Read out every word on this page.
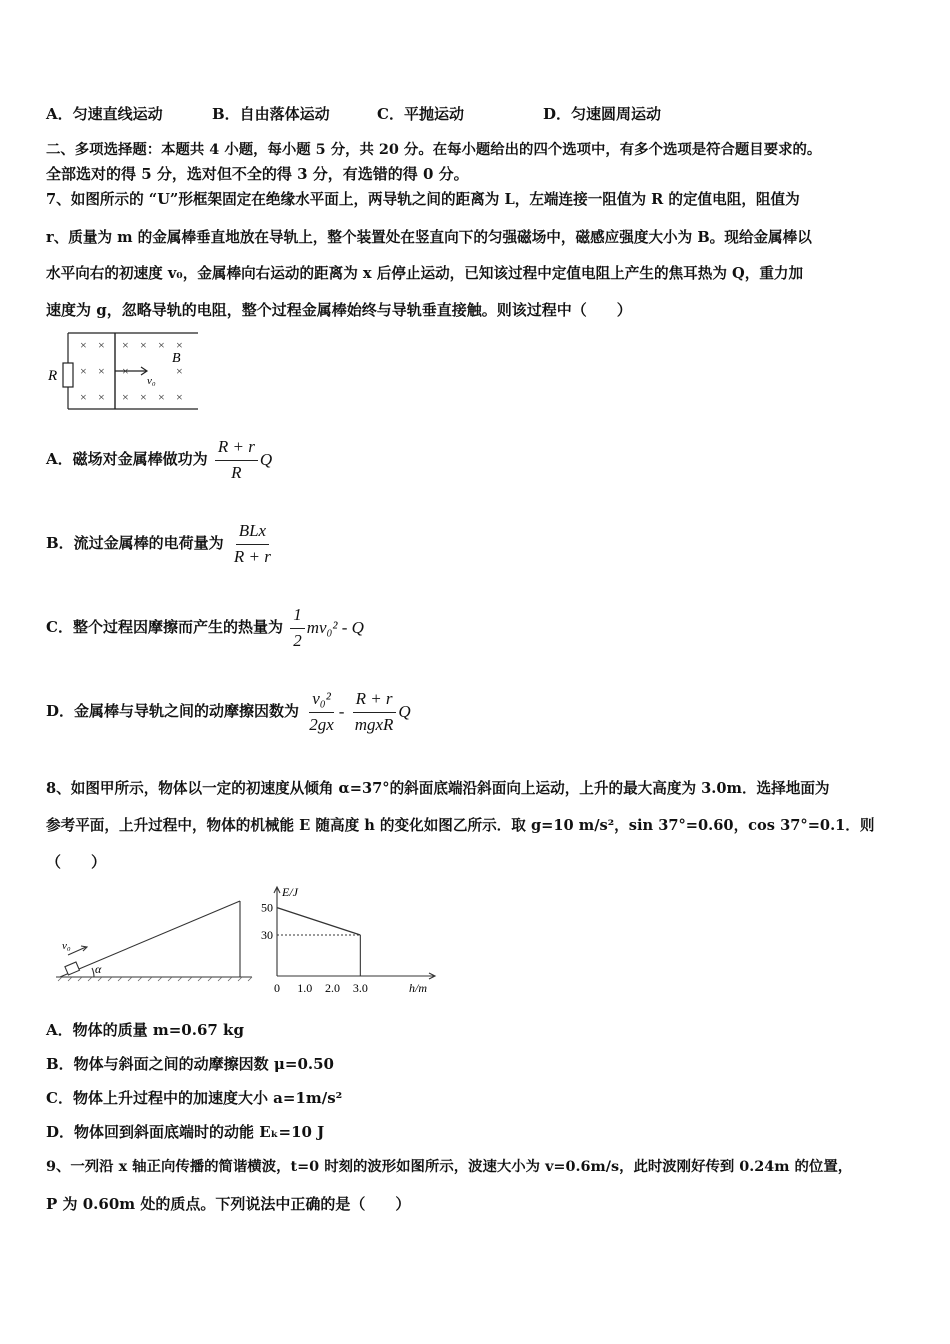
A．匀速直线运动	B．自由落体运动	C．平抛运动	D．匀速圆周运动
二、多项选择题：本题共 4 小题，每小题 5 分，共 20 分。在每小题给出的四个选项中，有多个选项是符合题目要求的。
全部选对的得 5 分，选对但不全的得 3 分，有选错的得 0 分。
7、如图所示的 “U”形框架固定在绝缘水平面上，两导轨之间的距离为 L，左端连接一阻值为 R 的定值电阻，阻值为
r、质量为 m 的金属棒垂直地放在导轨上，整个装置处在竖直向下的匀强磁场中，磁感应强度大小为 B。现给金属棒以
水平向右的初速度 v₀，金属棒向右运动的距离为 x 后停止运动，已知该过程中定值电阻上产生的焦耳热为 Q，重力加
速度为 g，忽略导轨的电阻，整个过程金属棒始终与导轨垂直接触。则该过程中（　　）
R
B
v₀
× × × × × ×
× × ×	×
× × × × × ×
A．磁场对金属棒做功为 $\frac{R + r}{R}$ Q
B．流过金属棒的电荷量为 $\frac{\text{BLx}}{R + r}$
C．整个过程因摩擦而产生的热量为 $\frac{1}{2} mv_0^2$ - Q
D．金属棒与导轨之间的动摩擦因数为 $\frac{\text{v₀²}}{2gx} - \frac{R + r}{\text{mgxR}}$ Q
8、如图甲所示，物体以一定的初速度从倾角 α=37°的斜面底端沿斜面向上运动，上升的最大高度为 3.0m．选择地面为
参考平面，上升过程中，物体的机械能 E 随高度 h 的变化如图乙所示．取 g=10 m/s²，sin 37°=0.60，cos 37°=0.1．则
（　　）
v₀
α
E/J
h/m
30
50
0 1.0 2.0 3.0
A．物体的质量 m=0.67 kg
B．物体与斜面之间的动摩擦因数 μ=0.50
C．物体上升过程中的加速度大小 a=1m/s²
D．物体回到斜面底端时的动能 Eₖ=10 J
9、一列沿 x 轴正向传播的简谐横波，t=0 时刻的波形如图所示，波速大小为 v=0.6m/s，此时波刚好传到 0.24m 的位置，
P 为 0.60m 处的质点。下列说法中正确的是（　　）
